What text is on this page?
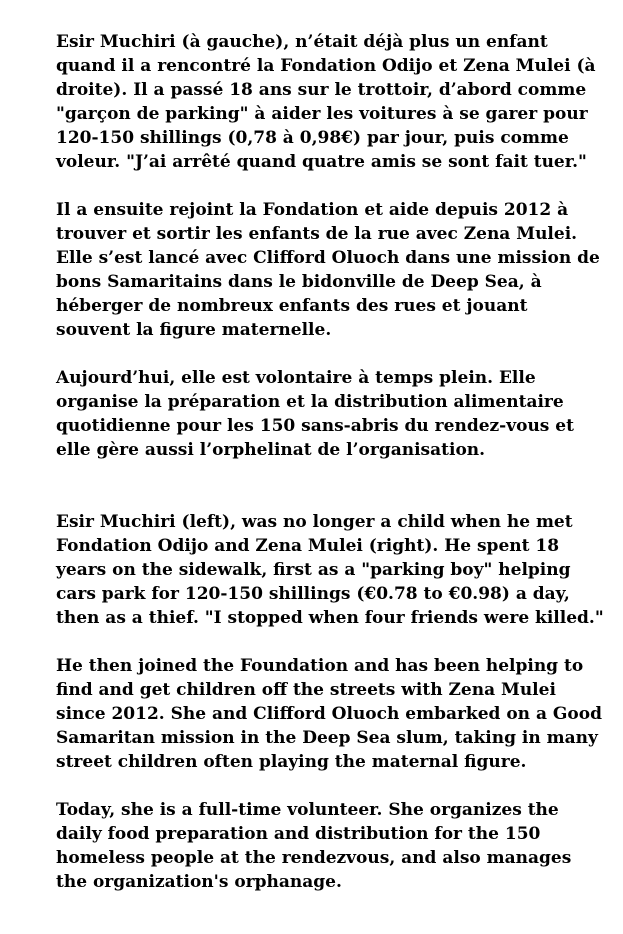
Esir Muchiri (à gauche), n’était déjà plus un enfant
quand il a rencontré la Fondation Odijo et Zena Mulei (à
droite). Il a passé 18 ans sur le trottoir, d’abord comme
"garçon de parking" à aider les voitures à se garer pour
120-150 shillings (0,78 à 0,98€) par jour, puis comme
voleur. "J’ai arrêté quand quatre amis se sont fait tuer."

Il a ensuite rejoint la Fondation et aide depuis 2012 à
trouver et sortir les enfants de la rue avec Zena Mulei.
Elle s’est lancé avec Clifford Oluoch dans une mission de
bons Samaritains dans le bidonville de Deep Sea, à
héberger de nombreux enfants des rues et jouant
souvent la figure maternelle.

Aujourd’hui, elle est volontaire à temps plein. Elle
organise la préparation et la distribution alimentaire
quotidienne pour les 150 sans-abris du rendez-vous et
elle gère aussi l’orphelinat de l’organisation.

Esir Muchiri (left), was no longer a child when he met
Fondation Odijo and Zena Mulei (right). He spent 18
years on the sidewalk, first as a "parking boy" helping
cars park for 120-150 shillings (€0.78 to €0.98) a day,
then as a thief. "I stopped when four friends were killed."

He then joined the Foundation and has been helping to
find and get children off the streets with Zena Mulei
since 2012. She and Clifford Oluoch embarked on a Good
Samaritan mission in the Deep Sea slum, taking in many
street children often playing the maternal figure.

Today, she is a full-time volunteer. She organizes the
daily food preparation and distribution for the 150
homeless people at the rendezvous, and also manages
the organization's orphanage.
